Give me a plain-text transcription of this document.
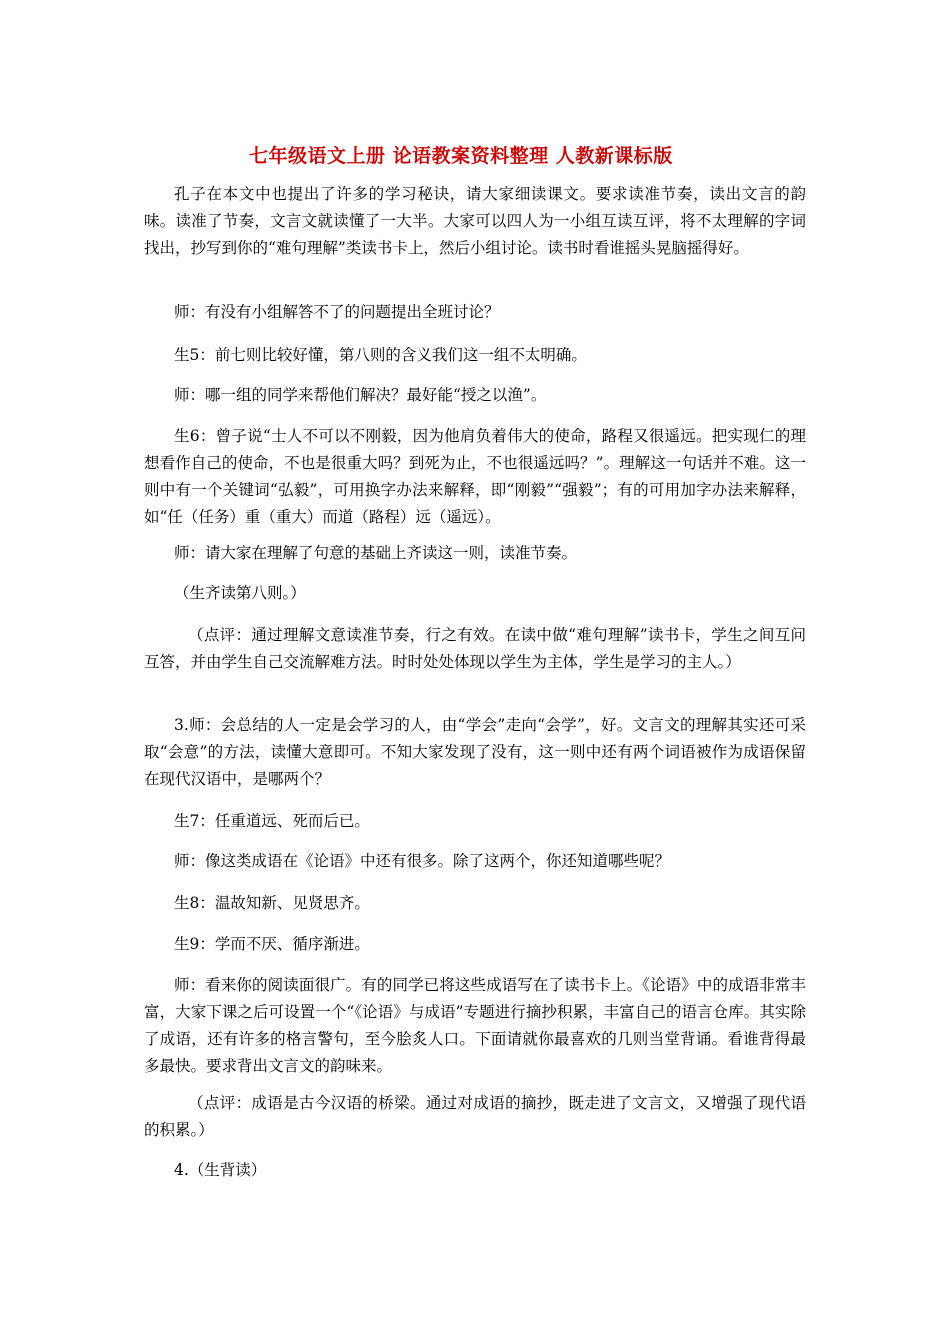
七年级语文上册 论语教案资料整理 人教新课标版

孔子在本文中也提出了许多的学习秘诀，请大家细读课文。要求读准节奏，读出文言的韵味。读准了节奏，文言文就读懂了一大半。大家可以四人为一小组互读互评，将不太理解的字词找出，抄写到你的“难句理解”类读书卡上，然后小组讨论。读书时看谁摇头晃脑摇得好。

师：有没有小组解答不了的问题提出全班讨论？

生5：前七则比较好懂，第八则的含义我们这一组不太明确。

师：哪一组的同学来帮他们解决？最好能“授之以渔”。

生6：曾子说“士人不可以不刚毅，因为他肩负着伟大的使命，路程又很遥远。把实现仁的理想看作自己的使命，不也是很重大吗？到死为止，不也很遥远吗？”。理解这一句话并不难。这一则中有一个关键词“弘毅”，可用换字办法来解释，即“刚毅”“强毅”；有的可用加字办法来解释，如“任（任务）重（重大）而道（路程）远（遥远）。

师：请大家在理解了句意的基础上齐读这一则，读准节奏。

（生齐读第八则。）

（点评：通过理解文意读准节奏，行之有效。在读中做“难句理解”读书卡，学生之间互问互答，并由学生自己交流解难方法。时时处处体现以学生为主体，学生是学习的主人。）

3.师：会总结的人一定是会学习的人，由“学会”走向“会学”，好。文言文的理解其实还可采取“会意”的方法，读懂大意即可。不知大家发现了没有，这一则中还有两个词语被作为成语保留在现代汉语中，是哪两个？

生7：任重道远、死而后已。

师：像这类成语在《论语》中还有很多。除了这两个，你还知道哪些呢？

生8：温故知新、见贤思齐。

生9：学而不厌、循序渐进。

师：看来你的阅读面很广。有的同学已将这些成语写在了读书卡上。《论语》中的成语非常丰富，大家下课之后可设置一个“《论语》与成语”专题进行摘抄积累，丰富自己的语言仓库。其实除了成语，还有许多的格言警句，至今脍炙人口。下面请就你最喜欢的几则当堂背诵。看谁背得最多最快。要求背出文言文的韵味来。

（点评：成语是古今汉语的桥梁。通过对成语的摘抄，既走进了文言文，又增强了现代语的积累。）

4.（生背读）
